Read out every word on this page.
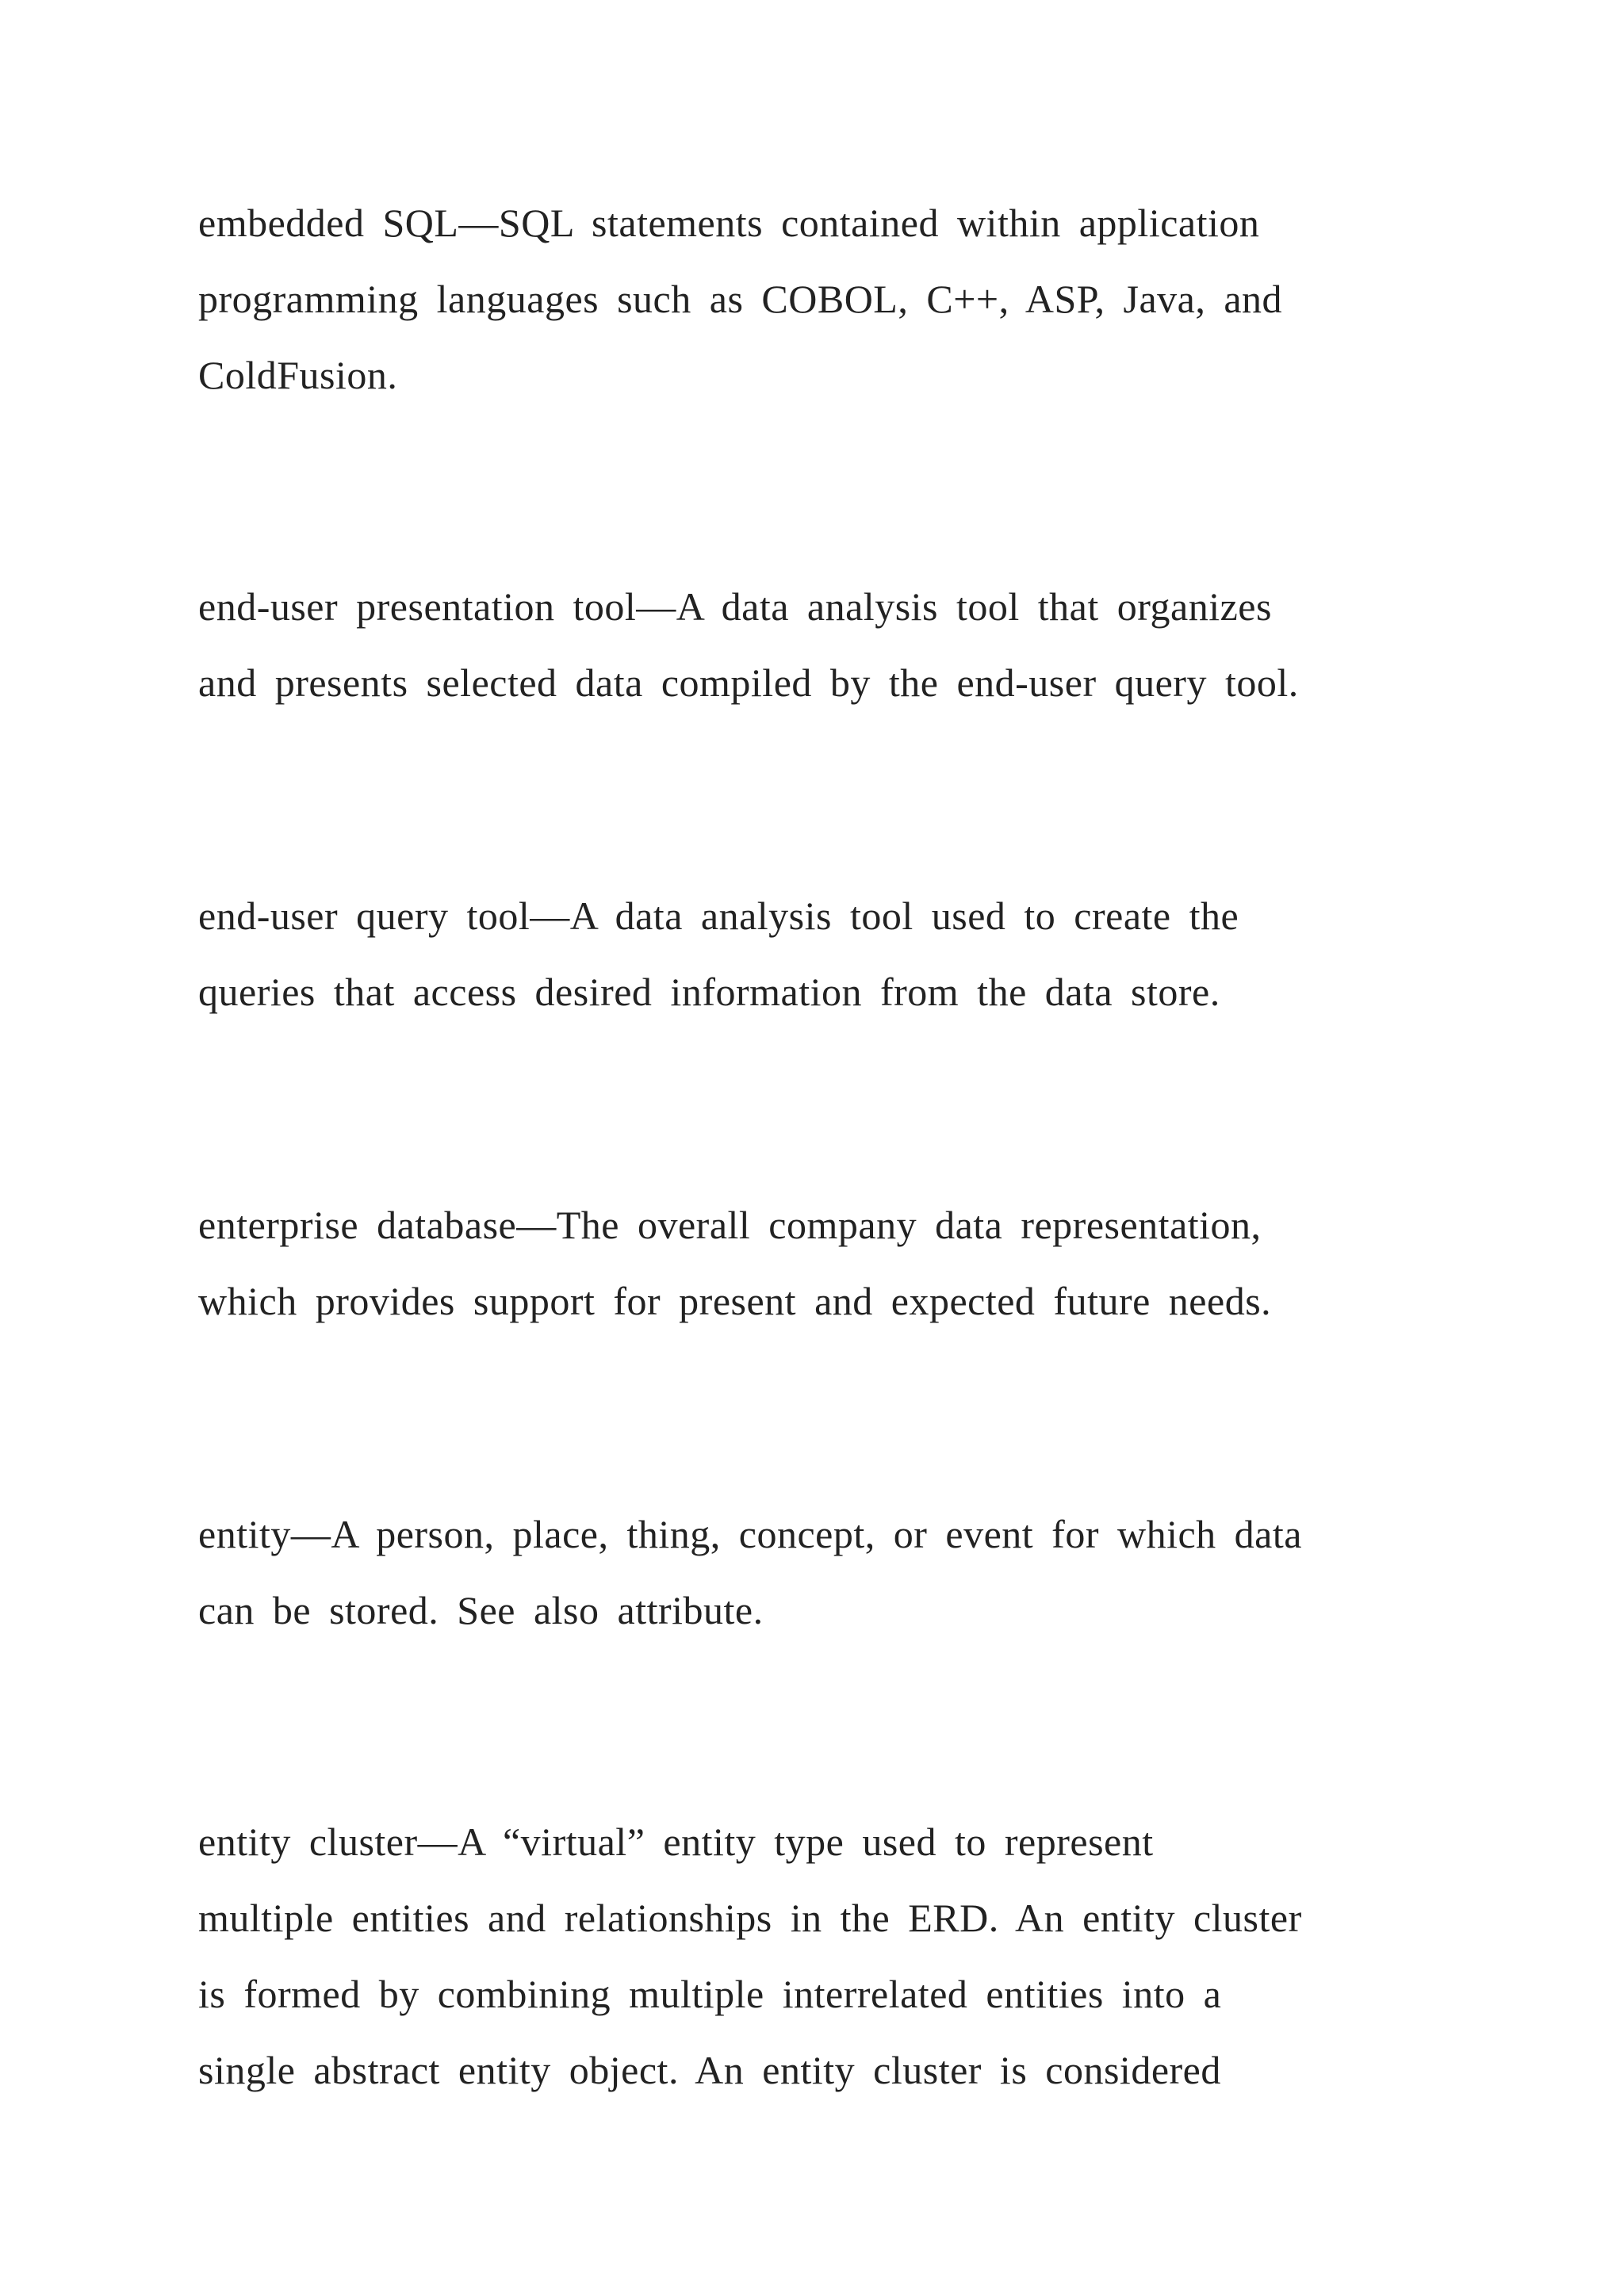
embedded SQL—SQL statements contained within application
programming languages such as COBOL, C++, ASP, Java, and
ColdFusion.

end-user presentation tool—A data analysis tool that organizes
and presents selected data compiled by the end-user query tool.

end-user query tool—A data analysis tool used to create the
queries that access desired information from the data store.

enterprise database—The overall company data representation,
which provides support for present and expected future needs.

entity—A person, place, thing, concept, or event for which data
can be stored. See also attribute.

entity cluster—A “virtual” entity type used to represent
multiple entities and relationships in the ERD. An entity cluster
is formed by combining multiple interrelated entities into a
single abstract entity object. An entity cluster is considered
